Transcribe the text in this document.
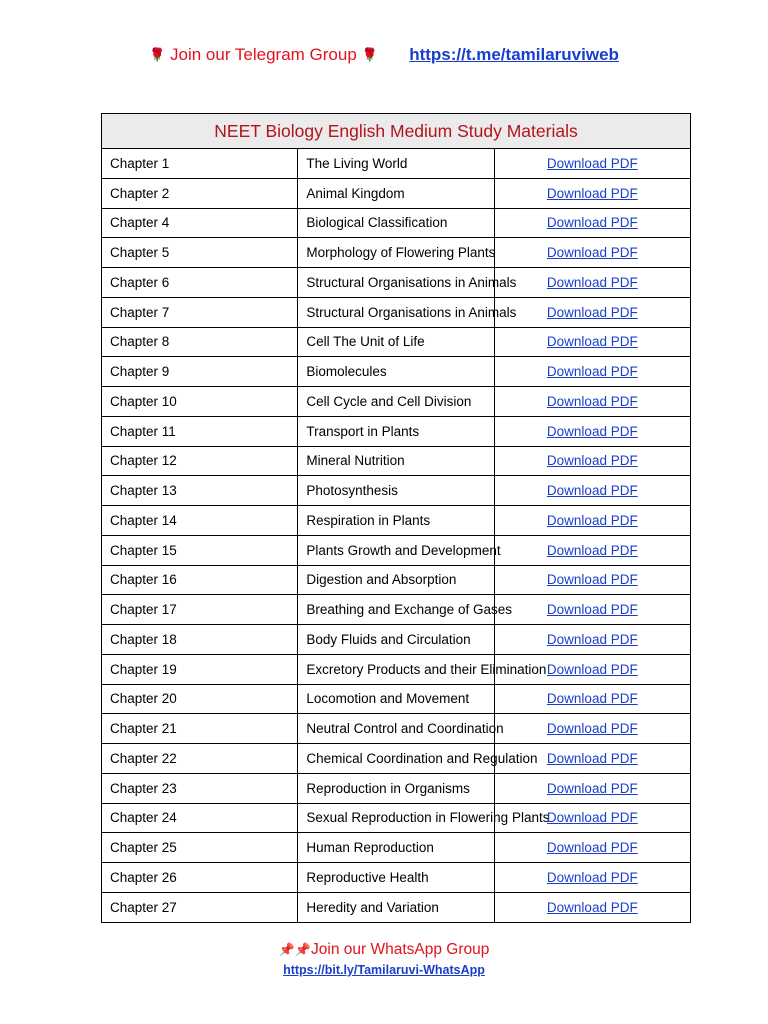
🌹 Join our Telegram Group 🌹 https://t.me/tamilaruviweb
NEET Biology English Medium Study Materials		
Chapter 1	The Living World	Download PDF
Chapter 2	Animal Kingdom	Download PDF
Chapter 4	Biological Classification	Download PDF
Chapter 5	Morphology of Flowering Plants	Download PDF
Chapter 6	Structural Organisations in Animals	Download PDF
Chapter 7	Structural Organisations in Animals	Download PDF
Chapter 8	Cell The Unit of Life	Download PDF
Chapter 9	Biomolecules	Download PDF
Chapter 10	Cell Cycle and Cell Division	Download PDF
Chapter 11	Transport in Plants	Download PDF
Chapter 12	Mineral Nutrition	Download PDF
Chapter 13	Photosynthesis	Download PDF
Chapter 14	Respiration in Plants	Download PDF
Chapter 15	Plants Growth and Development	Download PDF
Chapter 16	Digestion and Absorption	Download PDF
Chapter 17	Breathing and Exchange of Gases	Download PDF
Chapter 18	Body Fluids and Circulation	Download PDF
Chapter 19	Excretory Products and their Elimination	Download PDF
Chapter 20	Locomotion and Movement	Download PDF
Chapter 21	Neutral Control and Coordination	Download PDF
Chapter 22	Chemical Coordination and Regulation	Download PDF
Chapter 23	Reproduction in Organisms	Download PDF
Chapter 24	Sexual Reproduction in Flowering Plants	Download PDF
Chapter 25	Human Reproduction	Download PDF
Chapter 26	Reproductive Health	Download PDF
Chapter 27	Heredity and Variation	Download PDF
📌📌Join our WhatsApp Group
https://bit.ly/Tamilaruvi-WhatsApp
